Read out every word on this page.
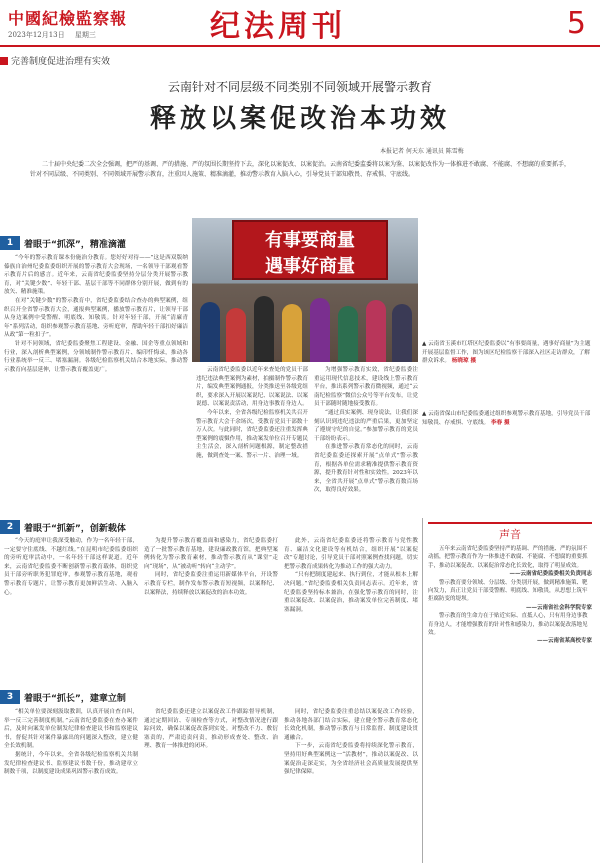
中國紀檢監察報
2023年12月13日 星期三	纪法周刊	5
完善制度促进治理有实效
云南针对不同层级不同类别不同领域开展警示教育
释放以案促改治本功效
本报记者 何天东 通讯员 陈雪梅
二十届中央纪委二次全会强调，把严的基调、严的措施、严的氛围长期坚持下去，深化以案促改、以案促治。云南省纪委监委将以案为鉴、以案促改作为一体推进不敢腐、不能腐、不想腐的重要抓手，针对不同层级、不同类别、不同领域开展警示教育，注重因人施策、精准滴灌，推动警示教育入脑入心，引导党员干部知敬畏、存戒惧、守底线。
有事要商量
遇事好商量
▲ 云南省玉溪市红塔区纪委监委以“有事要商量，遇事好商量”为主题开展基层监督工作，图为该区纪检监察干部深入社区走访群众，了解群众诉求。 杨晓琼 摄
▲ 云南省保山市纪委监委通过组织参观警示教育基地，引导党员干部知敬畏、存戒惧、守底线。 李春 摄
1	着眼于“抓深”，精准滴灌

“今年的警示教育课本份施治分教育。您好好对待——”这是西双版纳傣族自治州纪委监委组织开展的警示教育大会现场，一名领导干部观看警示教育片后的感言。近年来，云南省纪委监委坚持分层分类开展警示教育，对“关键少数”、年轻干部、基层干部等不同群体分别开展，做到有的放矢、精准施策。

在对“关键少数”的警示教育中，省纪委监委结合查办的典型案例，组织召开全省警示教育大会，通报典型案例，播放警示教育片，让领导干部从身边案例中受警醒、明底线、知敬畏。针对年轻干部，开展“清廉青年”系列活动，组织参观警示教育基地、旁听庭审，帮助年轻干部扣好廉洁从政“第一粒扣子”。

针对不同领域，省纪委监委聚焦工程建设、金融、国企等重点领域和行业，深入剖析典型案例，分领域制作警示教育片、编印忏悔录，推动各行业系统举一反三、堵塞漏洞。各级纪检监察机关结合本地实际，推动警示教育向基层延伸，让警示教育覆盖更广。	云南省纪委监委以近年来查处的党员干部违纪违法典型案例为素材，拍摄制作警示教育片，编发典型案例通报，分类推送至各级党组织，要求深入开展以案说纪、以案说法、以案说德、以案说责活动，用身边事教育身边人。

今年以来，全省各级纪检监察机关共召开警示教育大会千余场次，受教育党员干部数十万人次。与此同时，省纪委监委还注重发挥典型案例的震慑作用，推动案发单位召开专题民主生活会，深入剖析问题根源，制定整改措施，做到查处一案、警示一片、治理一域。

为增强警示教育实效，省纪委监委注重运用现代信息技术，建设线上警示教育平台，推出系列警示教育微视频，通过“云南纪检监察”微信公众号等平台发布，让党员干部随时随地接受教育。

“通过真实案例、现身说法，让我们深刻认识到违纪违法的严重后果，更加坚定了遵规守纪的自觉。”参加警示教育的党员干部纷纷表示。

在推进警示教育常态化的同时，云南省纪委监委还探索开展“点单式”警示教育，根据各单位需求精准提供警示教育资源，提升教育针对性和实效性。2023年以来，全省共开展“点单式”警示教育数百场次，取得良好效果。

2	着眼于“抓新”，创新载体

“今天的庭审让我深受触动，作为一名年轻干部，一定要守住底线、不越红线。”在昆明市纪委监委组织的旁听庭审活动中，一名年轻干部这样说道。近年来，云南省纪委监委不断创新警示教育载体，组织党员干部旁听职务犯罪庭审，参观警示教育基地，观看警示教育专题片，让警示教育更加鲜活生动、入脑入心。

为提升警示教育覆盖面和感染力，省纪委监委打造了一批警示教育基地，建设廉政教育馆，把典型案例转化为警示教育素材，推动警示教育从“课堂”走向“现场”，从“被动听”转向“主动学”。

同时，省纪委监委注重运用新媒体平台，开设警示教育专栏，制作发布警示教育短视频，以案释纪、以案释法，持续释放以案促改的治本功效。

此外，云南省纪委监委还将警示教育与党性教育、廉洁文化建设等有机结合，组织开展“以案促改”专题讨论，引导党员干部对照案例查找问题，切实把警示教育成果转化为推动工作的强大动力。

“只有把制度建起来、执行到位，才能从根本上解决问题。”省纪委监委相关负责同志表示。近年来，省纪委监委坚持标本兼治，在强化警示教育的同时，注重以案促改、以案促治，推动案发单位完善制度、堵塞漏洞。

3	着眼于“抓长”，建章立制

“相关单位要深刻汲取教训，认真开展自查自纠，举一反三完善制度机制。”云南省纪委监委在查办案件后，及时向案发单位制发纪律检查建议书和监察建议书，督促其针对案件暴露出的问题深入整改，建立健全长效机制。

据统计，今年以来，全省各级纪检监察机关共制发纪律检查建议书、监察建议书数千份，推动建章立制数千项，以制度建设成果巩固警示教育成效。

省纪委监委还建立以案促改工作跟踪督导机制，通过定期回访、专项检查等方式，对整改情况进行跟踪问效，确保以案促改落到实处。对整改不力、敷衍塞责的，严肃追责问责，推动形成查处、整改、治理、教育一体推进的闭环。

同时，省纪委监委注重总结以案促改工作经验，推动各地各部门结合实际，建立健全警示教育常态化长效化机制，推动警示教育与日常监督、制度建设贯通融合。

下一步，云南省纪委监委将持续深化警示教育，坚持用好典型案例这一“活教材”，推动以案促改、以案促治走深走实，为全省经济社会高质量发展提供坚强纪律保障。

声音

五年来云南省纪委监委坚持严的基调、严的措施、严的氛围不动摇，把警示教育作为一体推进不敢腐、不能腐、不想腐的重要抓手，推动以案促改、以案促治常态化长效化，取得了明显成效。

——云南省纪委监委相关负责同志

警示教育要分领域、分层级、分类别开展，做到精准施策、靶向发力，真正让党员干部受警醒、明底线、知敬畏，从思想上筑牢拒腐防变的堤坝。

——云南省社会科学院专家

警示教育的生命力在于贴近实际、直抵人心，只有用身边事教育身边人，才能增强教育的针对性和感染力，推动以案促改落地见效。

——云南省某高校专家
